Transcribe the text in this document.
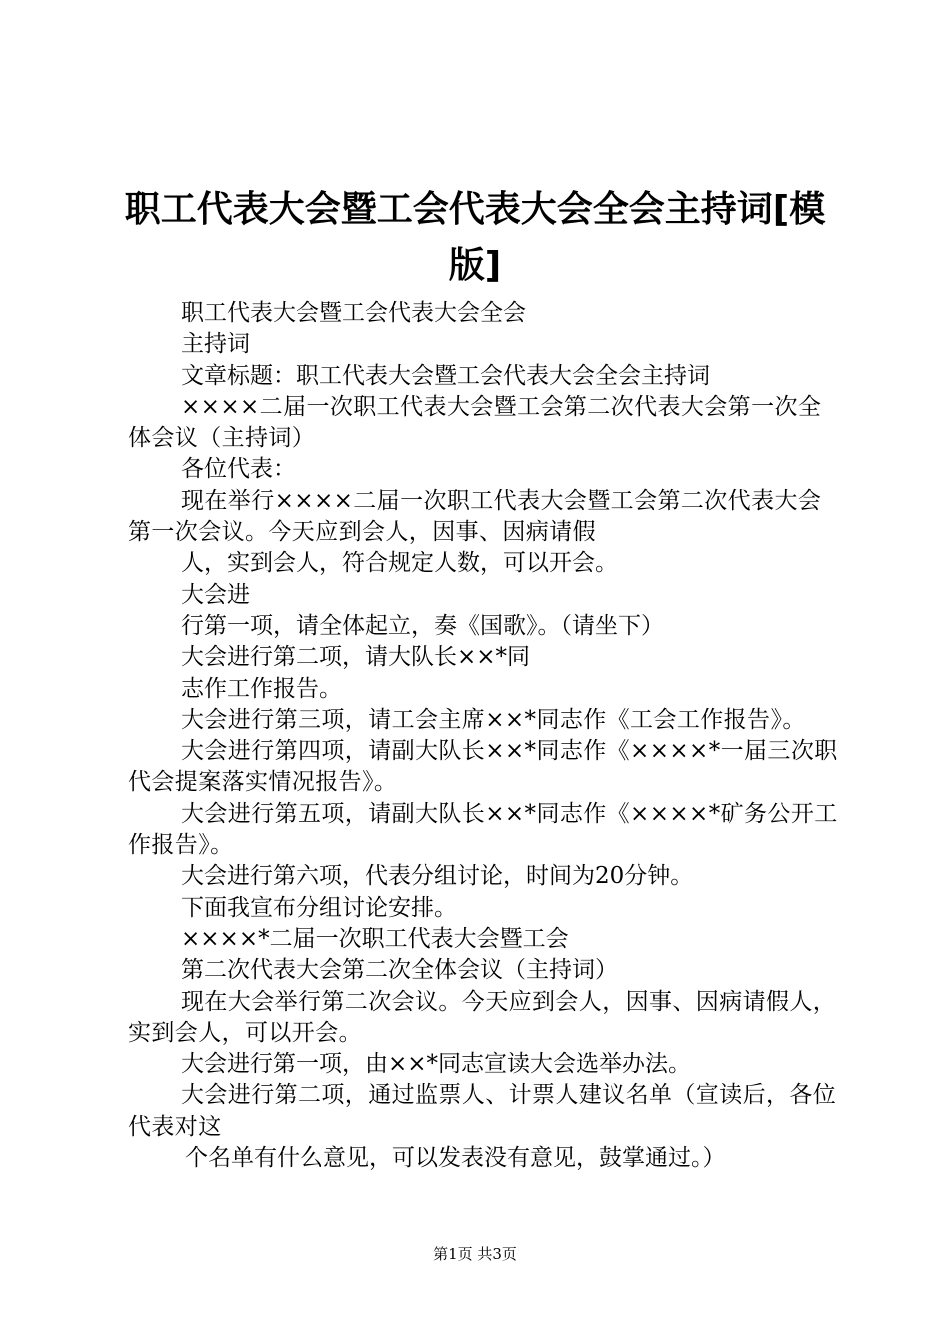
职工代表大会暨工会代表大会全会主持词[模版]

职工代表大会暨工会代表大会全会

主持词

文章标题：职工代表大会暨工会代表大会全会主持词

××××二届一次职工代表大会暨工会第二次代表大会第一次全体会议（主持词）

各位代表：

现在举行××××二届一次职工代表大会暨工会第二次代表大会第一次会议。今天应到会人，因事、因病请假

人，实到会人，符合规定人数，可以开会。

大会进

行第一项，请全体起立，奏《国歌》。（请坐下）

大会进行第二项，请大队长××*同

志作工作报告。

大会进行第三项，请工会主席××*同志作《工会工作报告》。

大会进行第四项，请副大队长××*同志作《××××*一届三次职代会提案落实情况报告》。

大会进行第五项，请副大队长××*同志作《××××*矿务公开工作报告》。

大会进行第六项，代表分组讨论，时间为20分钟。

下面我宣布分组讨论安排。

××××*二届一次职工代表大会暨工会

第二次代表大会第二次全体会议（主持词）

现在大会举行第二次会议。今天应到会人，因事、因病请假人，实到会人，可以开会。

大会进行第一项，由××*同志宣读大会选举办法。

大会进行第二项，通过监票人、计票人建议名单（宣读后，各位代表对这

个名单有什么意见，可以发表没有意见，鼓掌通过。）

第1页 共3页
